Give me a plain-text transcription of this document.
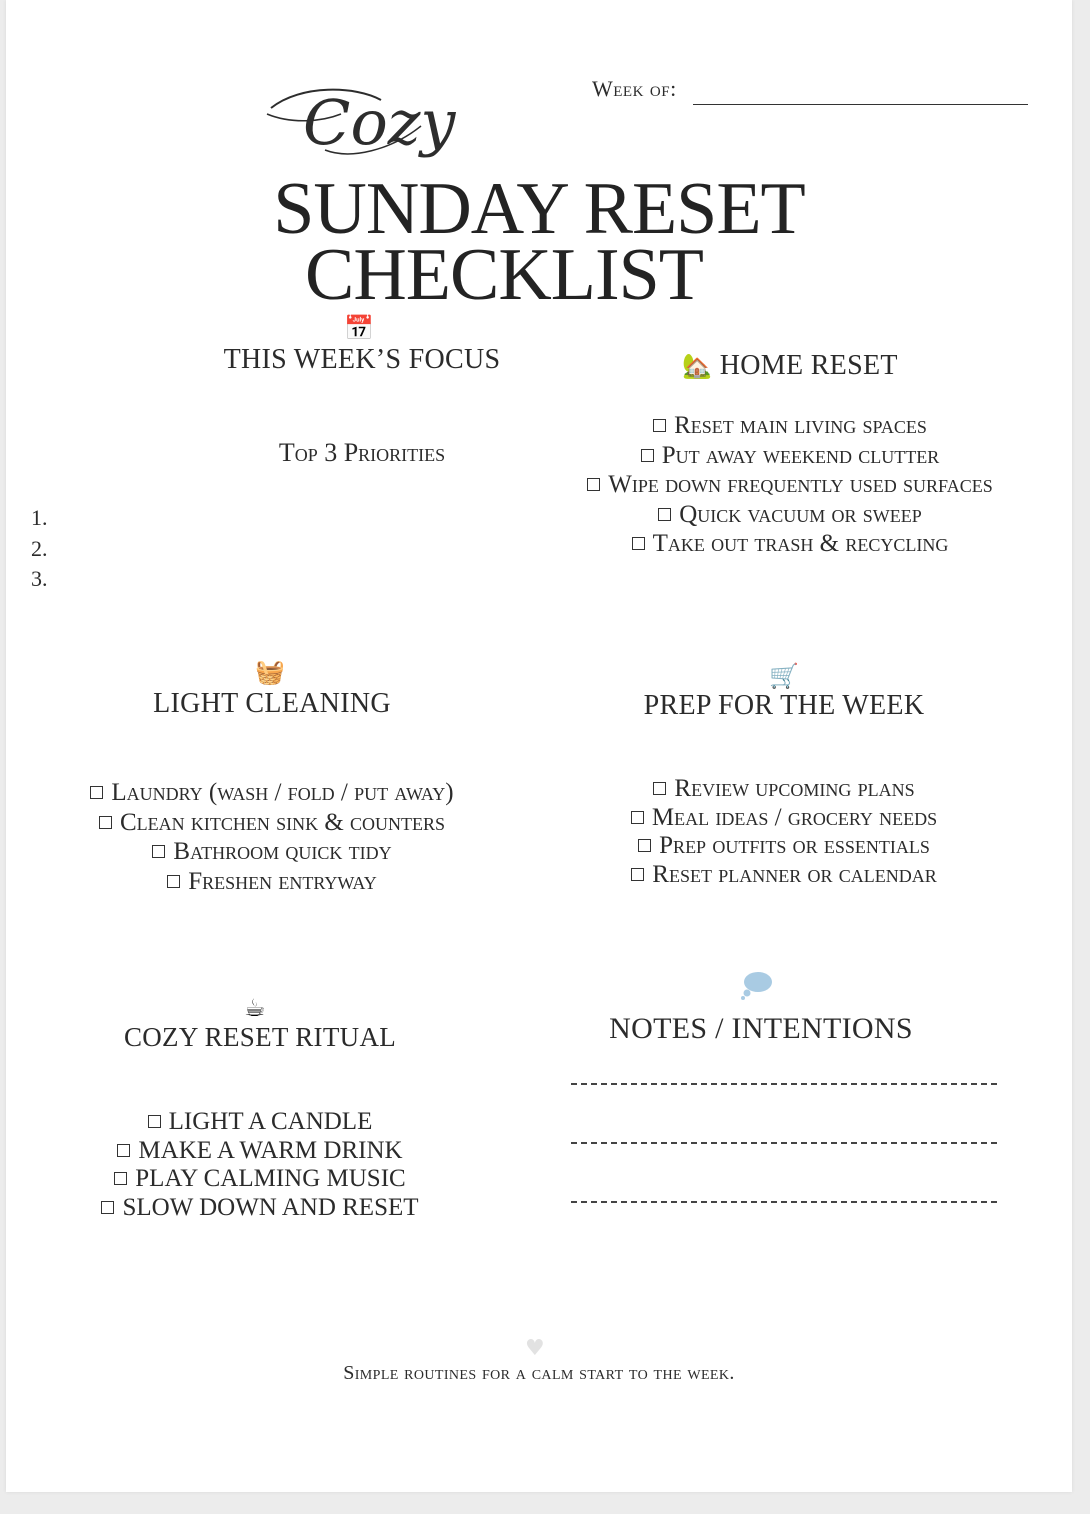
Week of:
Cozy
SUNDAY RESET
CHECKLIST
📅
THIS WEEK’S FOCUS
Top 3 Priorities
1.
2.
3.
🏡 HOME RESET
Reset main living spaces
Put away weekend clutter
Wipe down frequently used surfaces
Quick vacuum or sweep
Take out trash & recycling
🧺
LIGHT CLEANING
Laundry (wash / fold / put away)
Clean kitchen sink & counters
Bathroom quick tidy
Freshen entryway
🛒
PREP FOR THE WEEK
Review upcoming plans
Meal ideas / grocery needs
Prep outfits or essentials
Reset planner or calendar
☕
COZY RESET RITUAL
LIGHT A CANDLE
MAKE A WARM DRINK
PLAY CALMING MUSIC
SLOW DOWN AND RESET
NOTES / INTENTIONS
♥
Simple routines for a calm start to the week.
